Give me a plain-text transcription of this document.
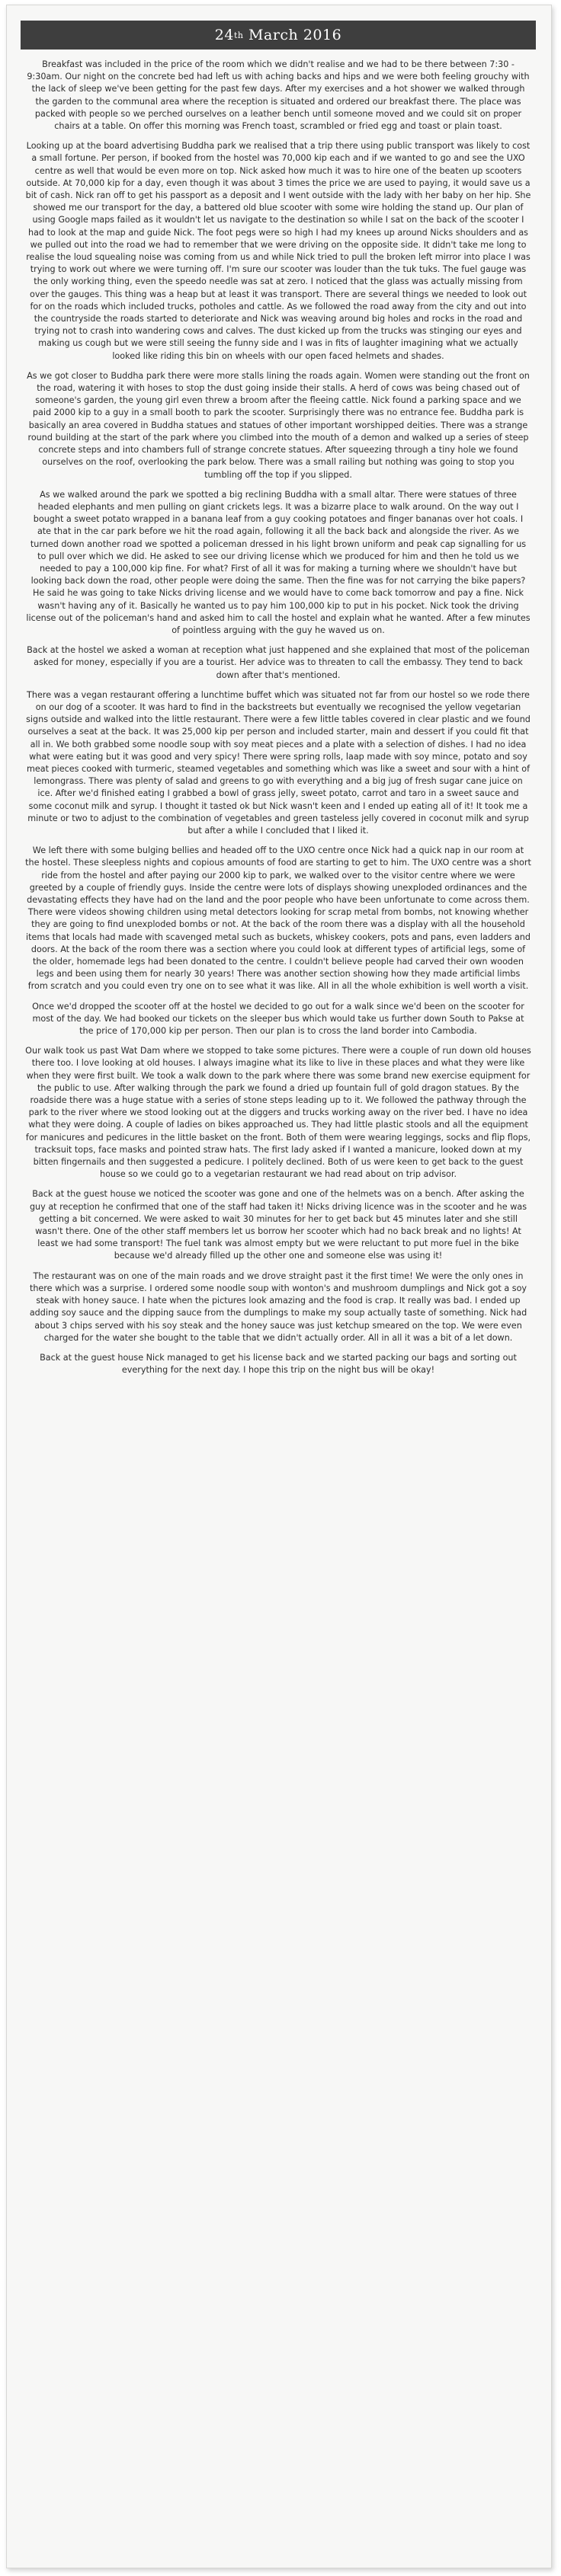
24 th March 2016

Breakfast was included in the price of the room which we didn't realise and we had to be there between 7:30 - 9:30am. Our night on the concrete bed had left us with aching backs and hips and we were both feeling grouchy with the lack of sleep we've been getting for the past few days. After my exercises and a hot shower we walked through the garden to the communal area where the reception is situated and ordered our breakfast there. The place was packed with people so we perched ourselves on a leather bench until someone moved and we could sit on proper chairs at a table. On offer this morning was French toast, scrambled or fried egg and toast or plain toast.

Looking up at the board advertising Buddha park we realised that a trip there using public transport was likely to cost a small fortune. Per person, if booked from the hostel was 70,000 kip each and if we wanted to go and see the UXO centre as well that would be even more on top. Nick asked how much it was to hire one of the beaten up scooters outside. At 70,000 kip for a day, even though it was about 3 times the price we are used to paying, it would save us a bit of cash. Nick ran off to get his passport as a deposit and I went outside with the lady with her baby on her hip. She showed me our transport for the day, a battered old blue scooter with some wire holding the stand up. Our plan of using Google maps failed as it wouldn't let us navigate to the destination so while I sat on the back of the scooter I had to look at the map and guide Nick. The foot pegs were so high I had my knees up around Nicks shoulders and as we pulled out into the road we had to remember that we were driving on the opposite side. It didn't take me long to realise the loud squealing noise was coming from us and while Nick tried to pull the broken left mirror into place I was trying to work out where we were turning off. I'm sure our scooter was louder than the tuk tuks. The fuel gauge was the only working thing, even the speedo needle was sat at zero. I noticed that the glass was actually missing from over the gauges. This thing was a heap but at least it was transport. There are several things we needed to look out for on the roads which included trucks, potholes and cattle. As we followed the road away from the city and out into the countryside the roads started to deteriorate and Nick was weaving around big holes and rocks in the road and trying not to crash into wandering cows and calves. The dust kicked up from the trucks was stinging our eyes and making us cough but we were still seeing the funny side and I was in fits of laughter imagining what we actually looked like riding this bin on wheels with our open faced helmets and shades.

As we got closer to Buddha park there were more stalls lining the roads again. Women were standing out the front on the road, watering it with hoses to stop the dust going inside their stalls. A herd of cows was being chased out of someone's garden, the young girl even threw a broom after the fleeing cattle. Nick found a parking space and we paid 2000 kip to a guy in a small booth to park the scooter. Surprisingly there was no entrance fee. Buddha park is basically an area covered in Buddha statues and statues of other important worshipped deities. There was a strange round building at the start of the park where you climbed into the mouth of a demon and walked up a series of steep concrete steps and into chambers full of strange concrete statues. After squeezing through a tiny hole we found ourselves on the roof, overlooking the park below. There was a small railing but nothing was going to stop you tumbling off the top if you slipped.

As we walked around the park we spotted a big reclining Buddha with a small altar. There were statues of three headed elephants and men pulling on giant crickets legs. It was a bizarre place to walk around. On the way out I bought a sweet potato wrapped in a banana leaf from a guy cooking potatoes and finger bananas over hot coals. I ate that in the car park before we hit the road again, following it all the back back and alongside the river. As we turned down another road we spotted a policeman dressed in his light brown uniform and peak cap signalling for us to pull over which we did. He asked to see our driving license which we produced for him and then he told us we needed to pay a 100,000 kip fine. For what? First of all it was for making a turning where we shouldn't have but looking back down the road, other people were doing the same. Then the fine was for not carrying the bike papers? He said he was going to take Nicks driving license and we would have to come back tomorrow and pay a fine. Nick wasn't having any of it. Basically he wanted us to pay him 100,000 kip to put in his pocket. Nick took the driving license out of the policeman's hand and asked him to call the hostel and explain what he wanted. After a few minutes of pointless arguing with the guy he waved us on.

Back at the hostel we asked a woman at reception what just happened and she explained that most of the policeman asked for money, especially if you are a tourist. Her advice was to threaten to call the embassy. They tend to back down after that's mentioned.

There was a vegan restaurant offering a lunchtime buffet which was situated not far from our hostel so we rode there on our dog of a scooter. It was hard to find in the backstreets but eventually we recognised the yellow vegetarian signs outside and walked into the little restaurant. There were a few little tables covered in clear plastic and we found ourselves a seat at the back. It was 25,000 kip per person and included starter, main and dessert if you could fit that all in. We both grabbed some noodle soup with soy meat pieces and a plate with a selection of dishes. I had no idea what were eating but it was good and very spicy! There were spring rolls, laap made with soy mince, potato and soy meat pieces cooked with turmeric, steamed vegetables and something which was like a sweet and sour with a hint of lemongrass. There was plenty of salad and greens to go with everything and a big jug of fresh sugar cane juice on ice. After we'd finished eating I grabbed a bowl of grass jelly, sweet potato, carrot and taro in a sweet sauce and some coconut milk and syrup. I thought it tasted ok but Nick wasn't keen and I ended up eating all of it! It took me a minute or two to adjust to the combination of vegetables and green tasteless jelly covered in coconut milk and syrup but after a while I concluded that I liked it.

We left there with some bulging bellies and headed off to the UXO centre once Nick had a quick nap in our room at the hostel. These sleepless nights and copious amounts of food are starting to get to him. The UXO centre was a short ride from the hostel and after paying our 2000 kip to park, we walked over to the visitor centre where we were greeted by a couple of friendly guys. Inside the centre were lots of displays showing unexploded ordinances and the devastating effects they have had on the land and the poor people who have been unfortunate to come across them. There were videos showing children using metal detectors looking for scrap metal from bombs, not knowing whether they are going to find unexploded bombs or not. At the back of the room there was a display with all the household items that locals had made with scavenged metal such as buckets, whiskey cookers, pots and pans, even ladders and doors. At the back of the room there was a section where you could look at different types of artificial legs, some of the older, homemade legs had been donated to the centre. I couldn't believe people had carved their own wooden legs and been using them for nearly 30 years! There was another section showing how they made artificial limbs from scratch and you could even try one on to see what it was like. All in all the whole exhibition is well worth a visit.

Once we'd dropped the scooter off at the hostel we decided to go out for a walk since we'd been on the scooter for most of the day. We had booked our tickets on the sleeper bus which would take us further down South to Pakse at the price of 170,000 kip per person. Then our plan is to cross the land border into Cambodia.

Our walk took us past Wat Dam where we stopped to take some pictures. There were a couple of run down old houses there too. I love looking at old houses. I always imagine what its like to live in these places and what they were like when they were first built. We took a walk down to the park where there was some brand new exercise equipment for the public to use. After walking through the park we found a dried up fountain full of gold dragon statues. By the roadside there was a huge statue with a series of stone steps leading up to it. We followed the pathway through the park to the river where we stood looking out at the diggers and trucks working away on the river bed. I have no idea what they were doing. A couple of ladies on bikes approached us. They had little plastic stools and all the equipment for manicures and pedicures in the little basket on the front. Both of them were wearing leggings, socks and flip flops, tracksuit tops, face masks and pointed straw hats. The first lady asked if I wanted a manicure, looked down at my bitten fingernails and then suggested a pedicure. I politely declined. Both of us were keen to get back to the guest house so we could go to a vegetarian restaurant we had read about on trip advisor.

Back at the guest house we noticed the scooter was gone and one of the helmets was on a bench. After asking the guy at reception he confirmed that one of the staff had taken it! Nicks driving licence was in the scooter and he was getting a bit concerned. We were asked to wait 30 minutes for her to get back but 45 minutes later and she still wasn't there. One of the other staff members let us borrow her scooter which had no back break and no lights! At least we had some transport! The fuel tank was almost empty but we were reluctant to put more fuel in the bike because we'd already filled up the other one and someone else was using it!

The restaurant was on one of the main roads and we drove straight past it the first time! We were the only ones in there which was a surprise. I ordered some noodle soup with wonton's and mushroom dumplings and Nick got a soy steak with honey sauce. I hate when the pictures look amazing and the food is crap. It really was bad. I ended up adding soy sauce and the dipping sauce from the dumplings to make my soup actually taste of something. Nick had about 3 chips served with his soy steak and the honey sauce was just ketchup smeared on the top. We were even charged for the water she bought to the table that we didn't actually order. All in all it was a bit of a let down.

Back at the guest house Nick managed to get his license back and we started packing our bags and sorting out everything for the next day. I hope this trip on the night bus will be okay!
